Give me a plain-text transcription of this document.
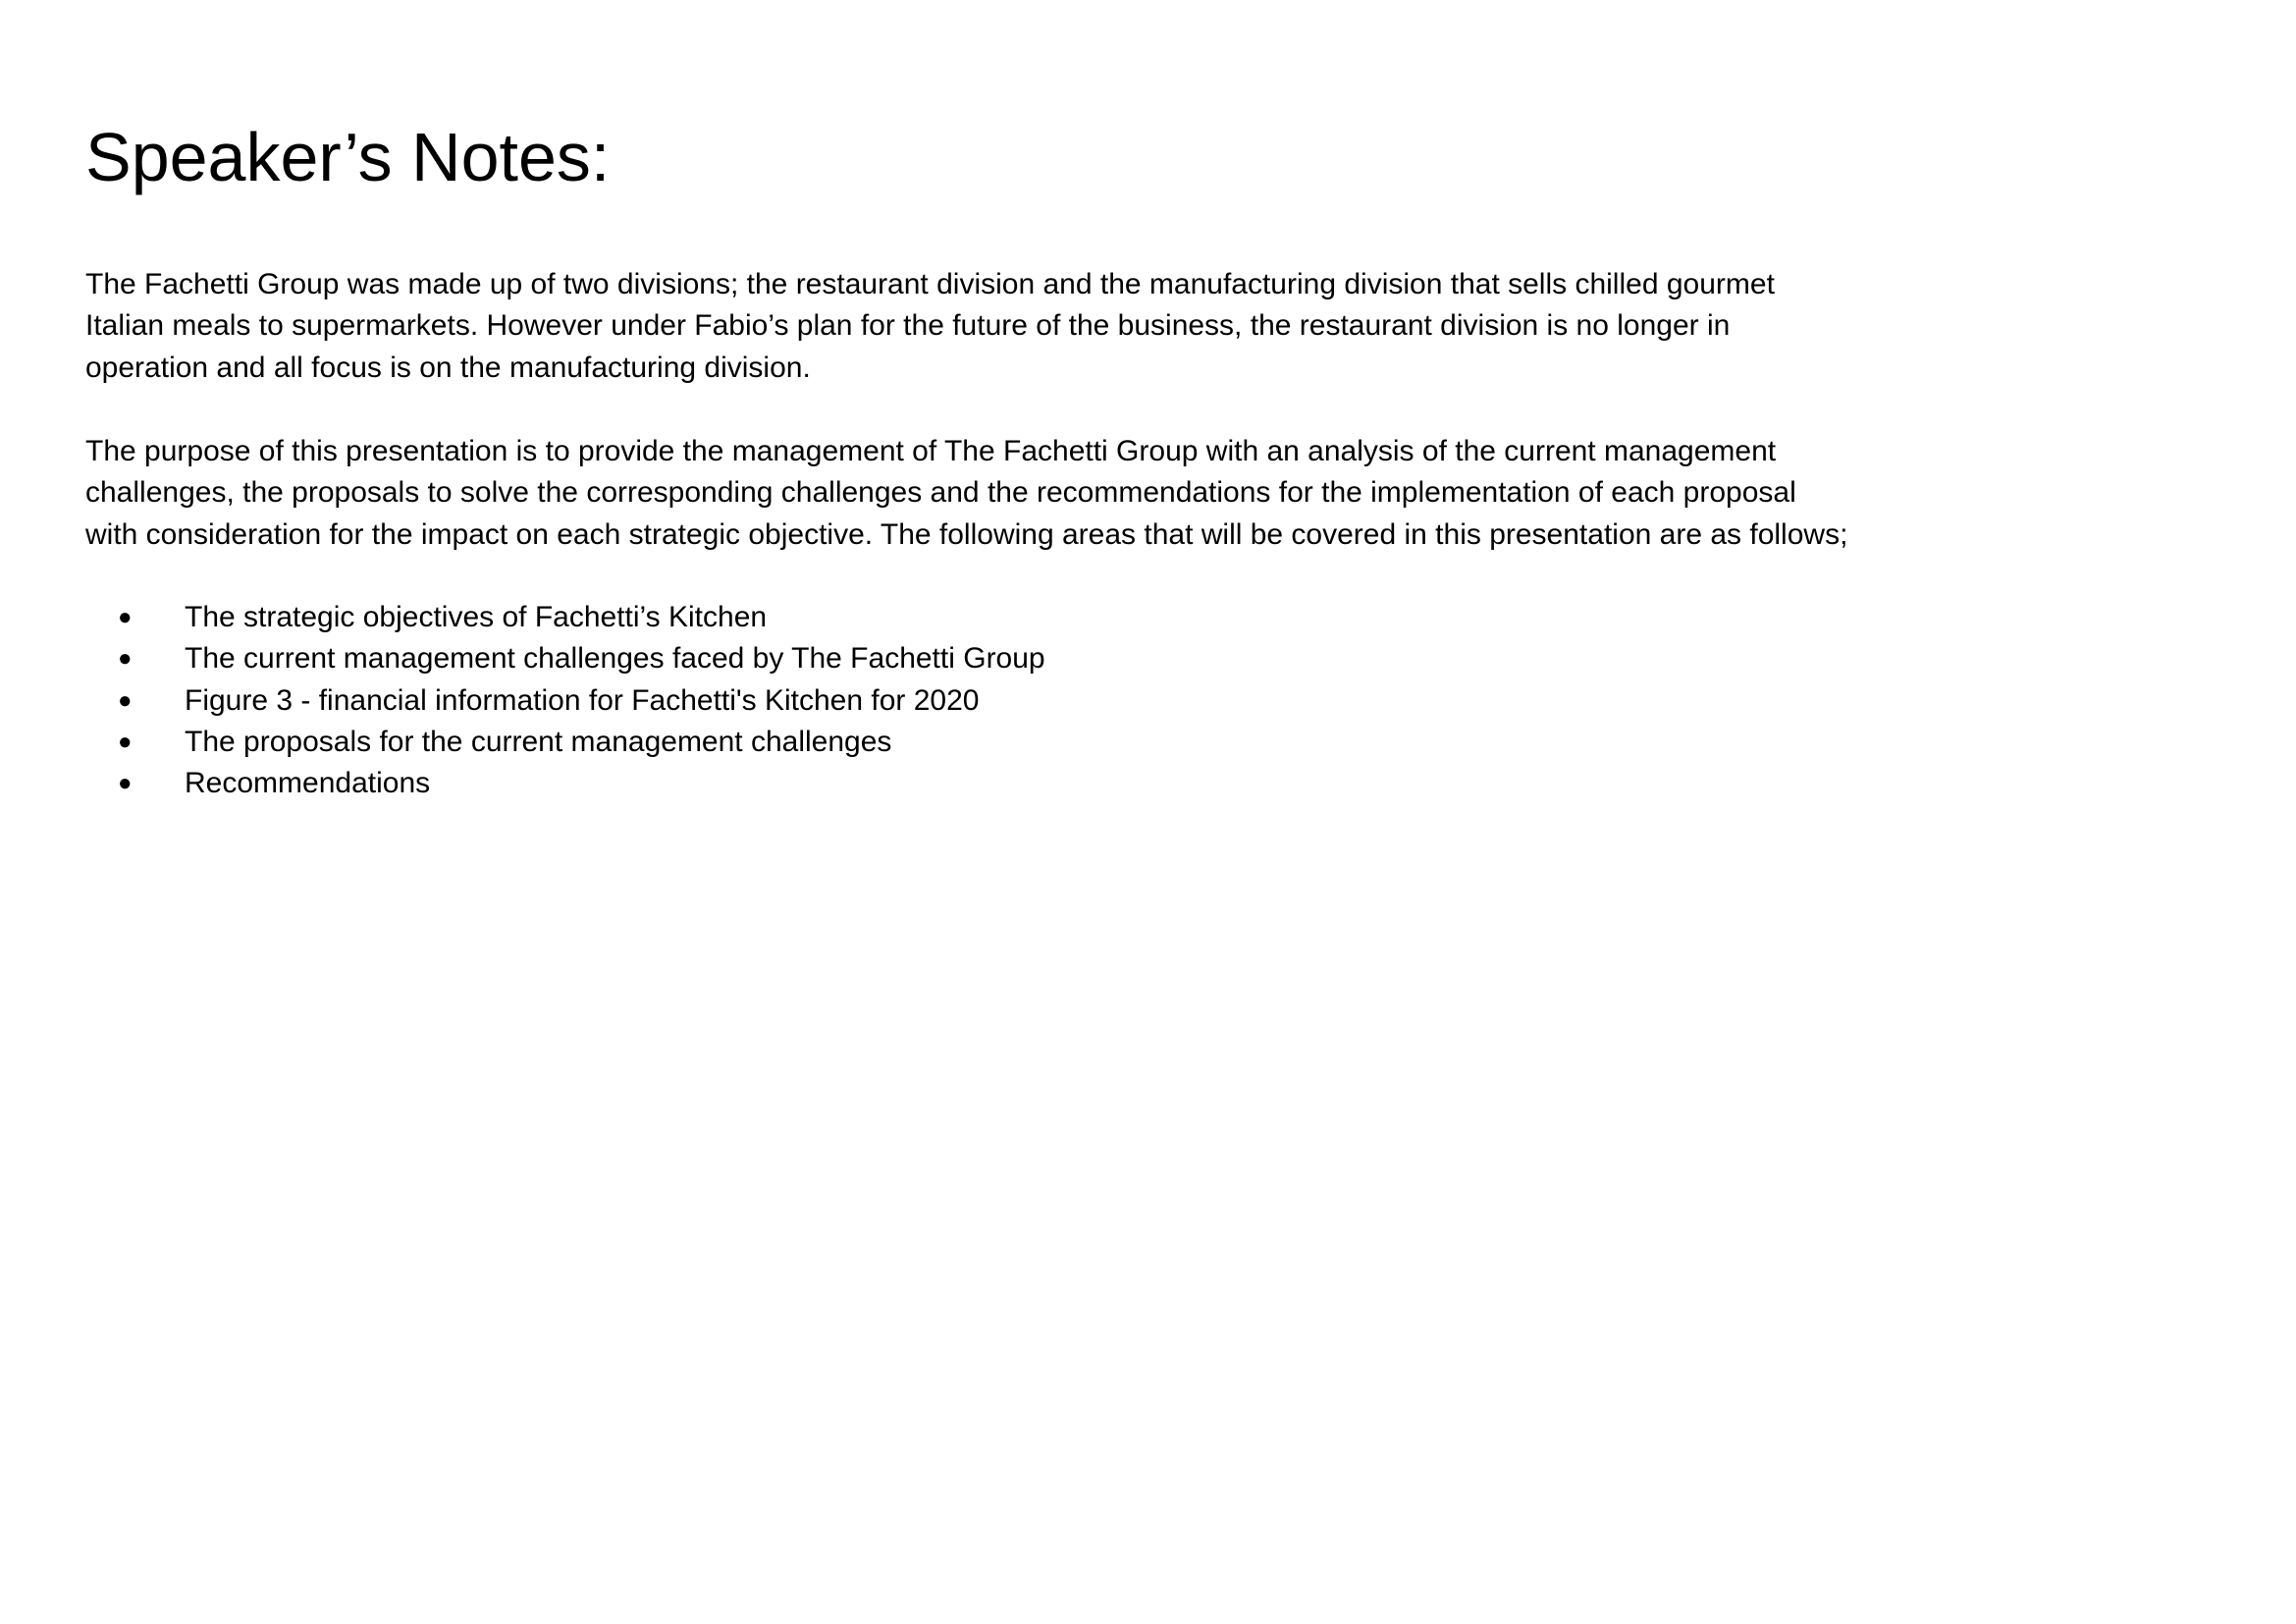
Speaker’s Notes:

The Fachetti Group was made up of two divisions; the restaurant division and the manufacturing division that sells chilled gourmet Italian meals to supermarkets. However under Fabio’s plan for the future of the business, the restaurant division is no longer in operation and all focus is on the manufacturing division.

The purpose of this presentation is to provide the management of The Fachetti Group with an analysis of the current management challenges, the proposals to solve the corresponding challenges and the recommendations for the implementation of each proposal with consideration for the impact on each strategic objective. The following areas that will be covered in this presentation are as follows;

● The strategic objectives of Fachetti’s Kitchen
● The current management challenges faced by The Fachetti Group
● Figure 3 - financial information for Fachetti's Kitchen for 2020
● The proposals for the current management challenges
● Recommendations
